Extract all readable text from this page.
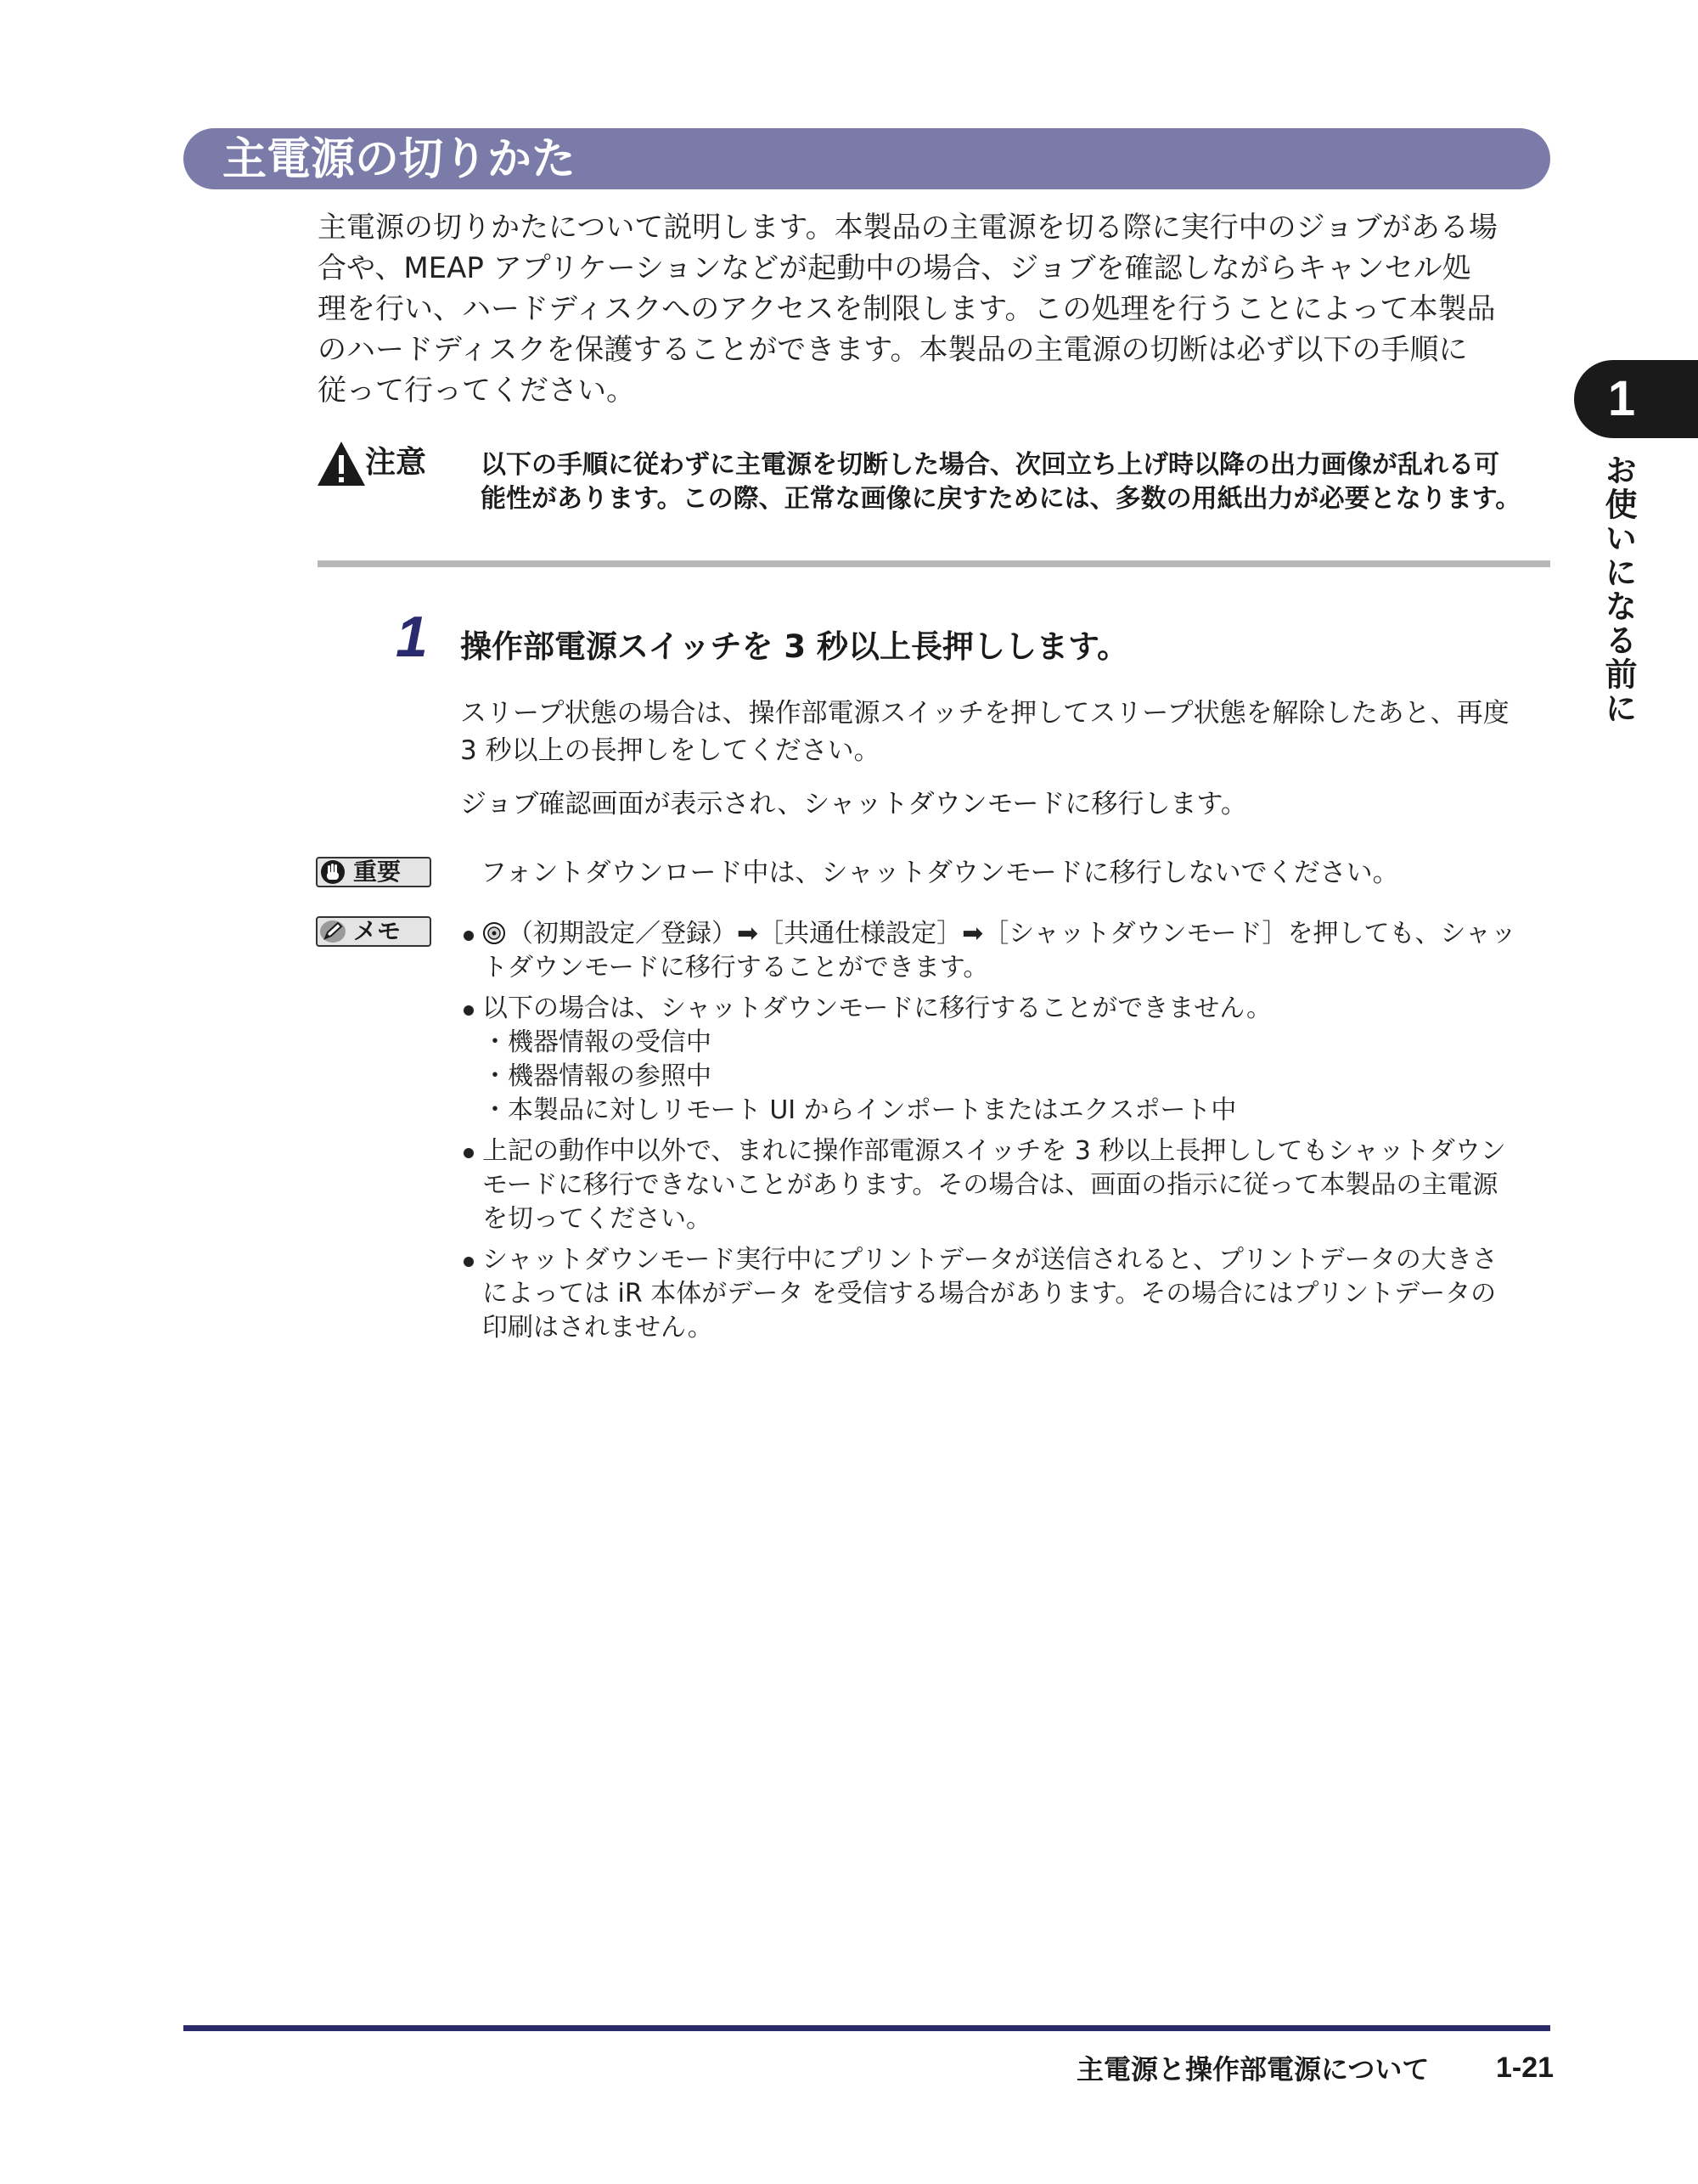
主電源の切りかた

主電源の切りかたについて説明します。本製品の主電源を切る際に実行中のジョブがある場

合や、MEAP アプリケーションなどが起動中の場合、ジョブを確認しながらキャンセル処

理を行い、ハードディスクへのアクセスを制限します。この処理を行うことによって本製品

のハードディスクを保護することができます。本製品の主電源の切断は必ず以下の手順に

従って行ってください。	1
お使いになる前に
注意 以下の手順に従わずに主電源を切断した場合、次回立ち上げ時以降の出力画像が乱れる可

能性があります。この際、正常な画像に戻すためには、多数の用紙出力が必要となります。

1 操作部電源スイッチを 3 秒以上長押しします。

スリープ状態の場合は、操作部電源スイッチを押してスリープ状態を解除したあと、再度

3 秒以上の長押しをしてください。

ジョブ確認画面が表示され、シャットダウンモードに移行します。
重要	フォントダウンロード中は、シャットダウンモードに移行しないでください。
メモ	（初期設定／登録）➡［共通仕様設定］➡［シャットダウンモード］を押しても、シャッ

トダウンモードに移行することができます。

以下の場合は、シャットダウンモードに移行することができません。

・機器情報の受信中

・機器情報の参照中

・本製品に対しリモート UI からインポートまたはエクスポート中

上記の動作中以外で、まれに操作部電源スイッチを 3 秒以上長押ししてもシャットダウン

モードに移行できないことがあります。その場合は、画面の指示に従って本製品の主電源

を切ってください。

シャットダウンモード実行中にプリントデータが送信されると、プリントデータの大きさ

によっては iR 本体がデータ を受信する場合があります。その場合にはプリントデータの

印刷はされません。

主電源と操作部電源について 1-21
